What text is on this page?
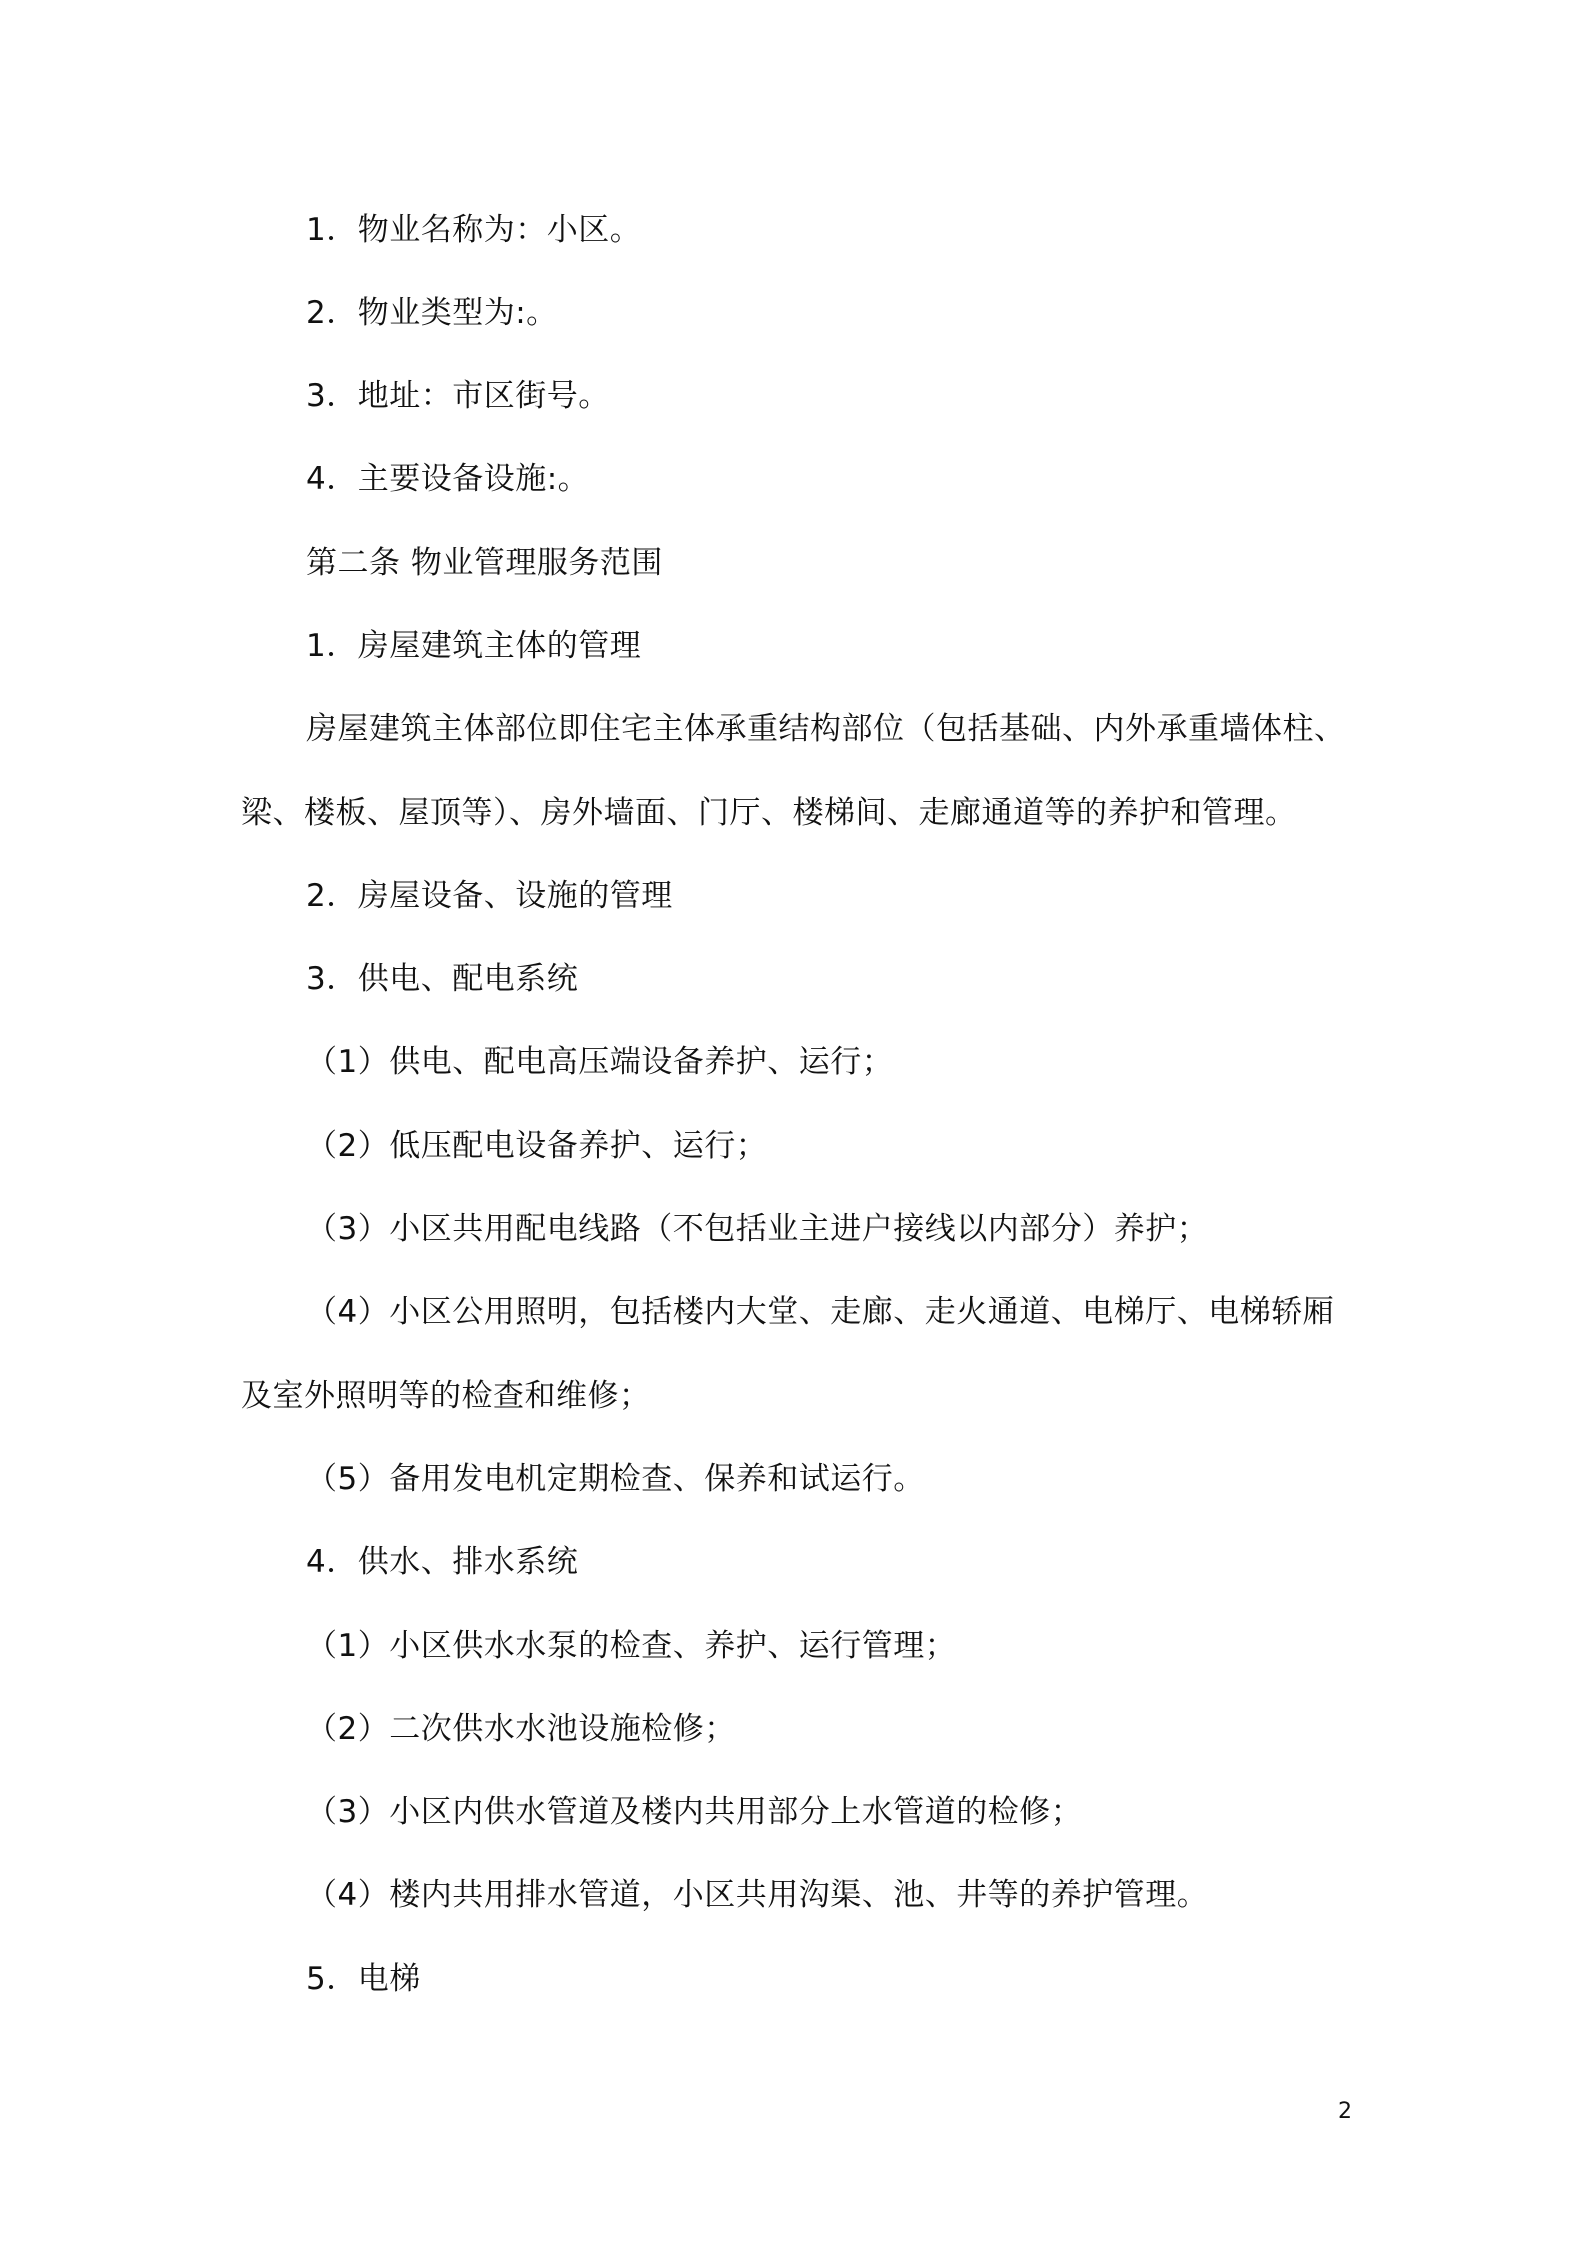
1．物业名称为：小区。
2．物业类型为:。
3．地址：市区街号。
4．主要设备设施:。
第二条 物业管理服务范围
1．房屋建筑主体的管理
房屋建筑主体部位即住宅主体承重结构部位（包括基础、内外承重墙体柱、
梁、楼板、屋顶等）、房外墙面、门厅、楼梯间、走廊通道等的养护和管理。
2．房屋设备、设施的管理
3．供电、配电系统
（1）供电、配电高压端设备养护、运行；
（2）低压配电设备养护、运行；
（3）小区共用配电线路（不包括业主进户接线以内部分）养护；
（4）小区公用照明，包括楼内大堂、走廊、走火通道、电梯厅、电梯轿厢
及室外照明等的检查和维修；
（5）备用发电机定期检查、保养和试运行。
4．供水、排水系统
（1）小区供水水泵的检查、养护、运行管理；
（2）二次供水水池设施检修；
（3）小区内供水管道及楼内共用部分上水管道的检修；
（4）楼内共用排水管道，小区共用沟渠、池、井等的养护管理。
5．电梯
2
